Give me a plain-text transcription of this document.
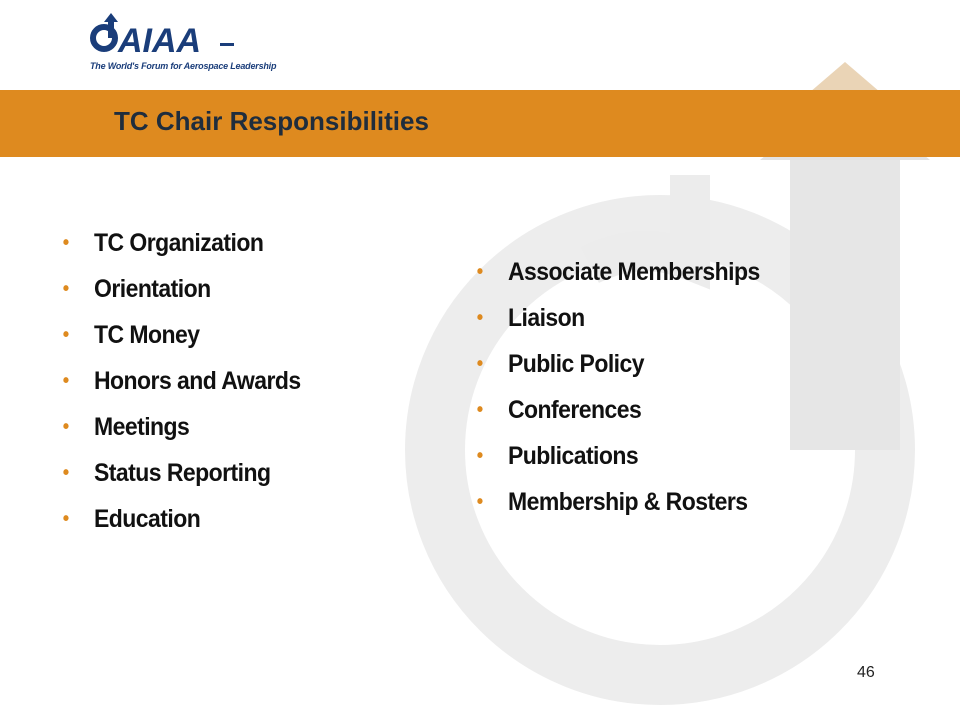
AIAA
The World's Forum for Aerospace Leadership
TC Chair Responsibilities
• TC Organization
• Orientation
• TC Money
• Honors and Awards
• Meetings
• Status Reporting
• Education
• Associate Memberships
• Liaison
• Public Policy
• Conferences
• Publications
• Membership & Rosters
46
